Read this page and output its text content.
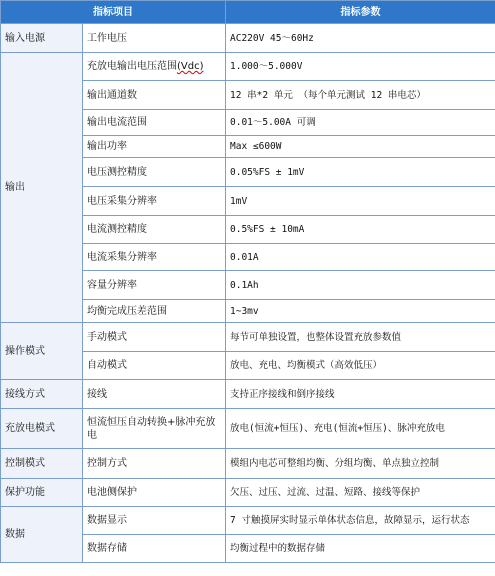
指标项目		指标参数
输入电源	工作电压	AC220V 45～60Hz
输出	充放电输出电压范围(Vdc)	1.000～5.000V
	输出通道数	12 串*2 单元 （每个单元测试 12 串电芯）
	输出电流范围	0.01～5.00A 可调
	输出功率	Max ≤600W
	电压测控精度	0.05%FS ± 1mV
	电压采集分辨率	1mV
	电流测控精度	0.5%FS ± 10mA
	电流采集分辨率	0.01A
	容量分辨率	0.1Ah
	均衡完成压差范围	1~3mv
操作模式	手动模式	每节可单独设置，也整体设置充放参数值
	自动模式	放电、充电、均衡模式（高效低压）
接线方式	接线	支持正序接线和倒序接线
充放电模式	恒流恒压自动转换+脉冲充放电	放电(恒流+恒压)、充电(恒流+恒压)、脉冲充放电
控制模式	控制方式	模组内电芯可整组均衡、分组均衡、单点独立控制
保护功能	电池侧保护	欠压、过压、过流、过温、短路、接线等保护
数据	数据显示	7 寸触摸屏实时显示单体状态信息，故障显示，运行状态
	数据存储	均衡过程中的数据存储
